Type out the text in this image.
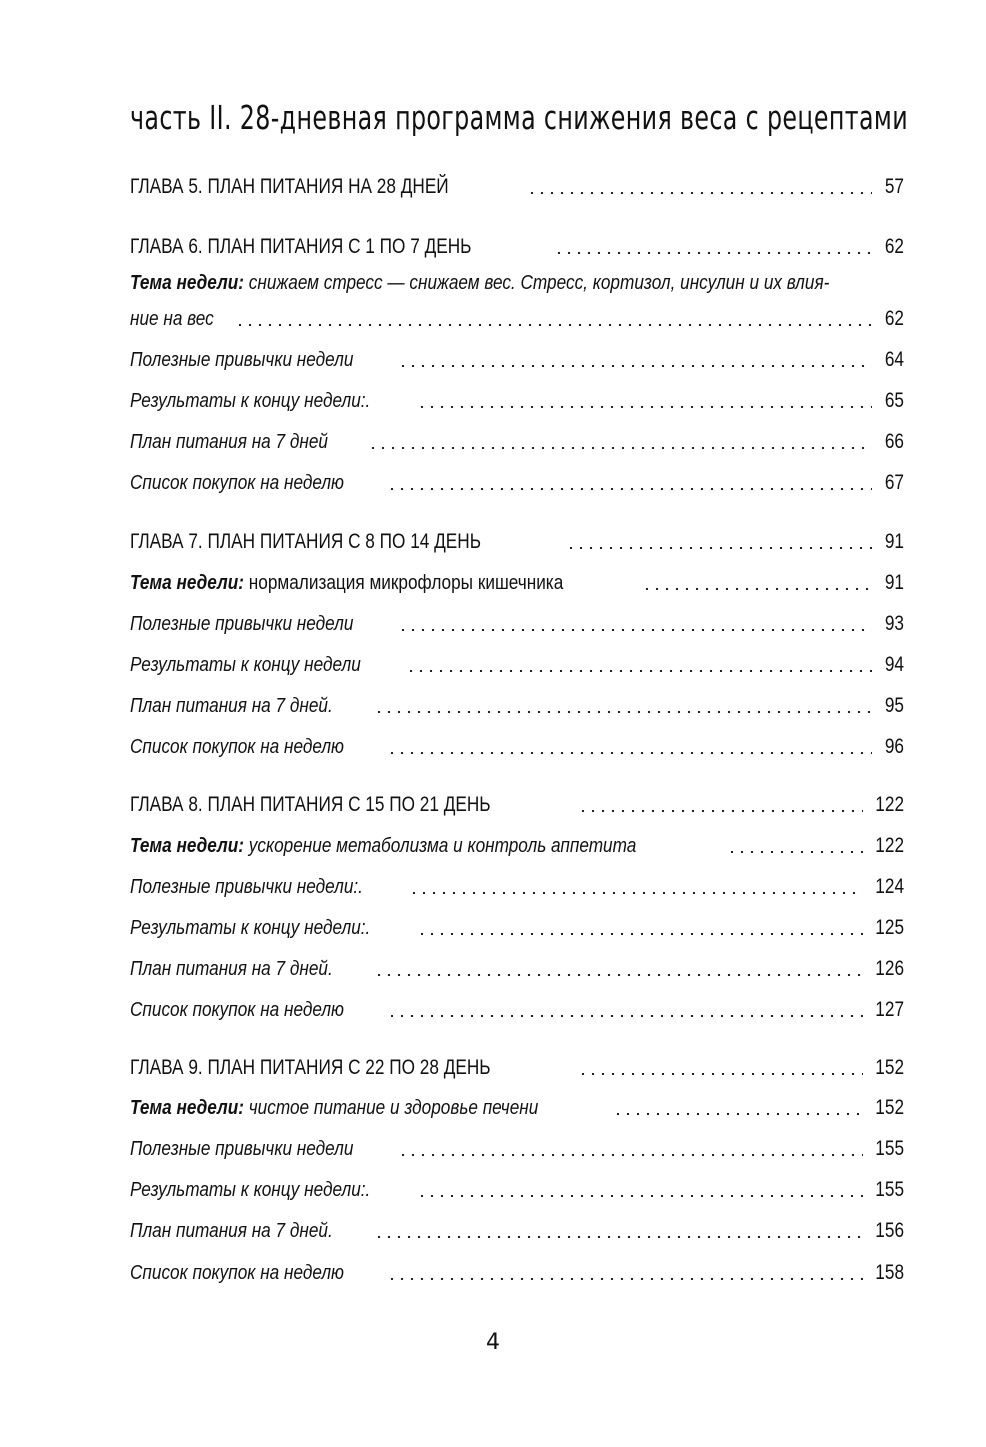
часть II. 28-дневная программа снижения веса с рецептами
ГЛАВА 5. ПЛАН ПИТАНИЯ НА 28 ДНЕЙ	57
ГЛАВА 6. ПЛАН ПИТАНИЯ С 1 ПО 7 ДЕНЬ	62
Тема недели: снижаем стресс — снижаем вес. Стресс, кортизол, инсулин и их влия-
ние на вес	62
Полезные привычки недели	64
Результаты к концу недели:.	65
План питания на 7 дней	66
Список покупок на неделю	67
ГЛАВА 7. ПЛАН ПИТАНИЯ С 8 ПО 14 ДЕНЬ	91
Тема недели: нормализация микрофлоры кишечника	91
Полезные привычки недели	93
Результаты к концу недели	94
План питания на 7 дней.	95
Список покупок на неделю	96
ГЛАВА 8. ПЛАН ПИТАНИЯ С 15 ПО 21 ДЕНЬ	122
Тема недели: ускорение метаболизма и контроль аппетита	122
Полезные привычки недели:.	124
Результаты к концу недели:.	125
План питания на 7 дней.	126
Список покупок на неделю	127
ГЛАВА 9. ПЛАН ПИТАНИЯ С 22 ПО 28 ДЕНЬ	152
Тема недели: чистое питание и здоровье печени	152
Полезные привычки недели	155
Результаты к концу недели:.	155
План питания на 7 дней.	156
Список покупок на неделю	158
4
